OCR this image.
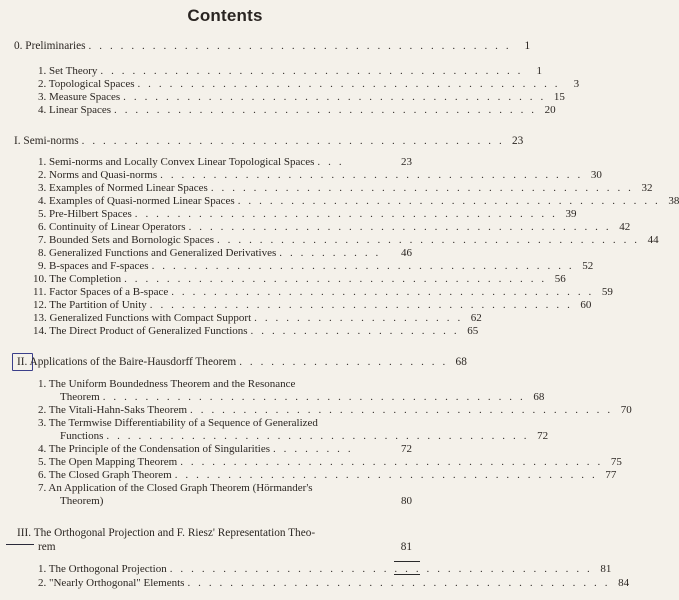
Contents
0. Preliminaries . . . . . . . . . . . . . . . . . . . . . . . . . . . . . . . . . . . . . . . .	1
1. Set Theory . . . . . . . . . . . . . . . . . . . . . . . . . . . . . . . . . . . . . . . .	1
2. Topological Spaces . . . . . . . . . . . . . . . . . . . . . . . . . . . . . . . . . . . . . . . .	3
3. Measure Spaces . . . . . . . . . . . . . . . . . . . . . . . . . . . . . . . . . . . . . . . . 15
4. Linear Spaces . . . . . . . . . . . . . . . . . . . . . . . . . . . . . . . . . . . . . . . . 20
I. Semi-norms . . . . . . . . . . . . . . . . . . . . . . . . . . . . . . . . . . . . . . . . 23
1. Semi-norms and Locally Convex Linear Topological Spaces . . .	23
2. Norms and Quasi-norms . . . . . . . . . . . . . . . . . . . . . . . . . . . . . . . . . . . . . . . . 30
3. Examples of Normed Linear Spaces . . . . . . . . . . . . . . . . . . . . . . . . . . . . . . . . . . . . . . . . 32
4. Examples of Quasi-normed Linear Spaces . . . . . . . . . . . . . . . . . . . . . . . . . . . . . . . . . . . . . . . . 38
5. Pre-Hilbert Spaces . . . . . . . . . . . . . . . . . . . . . . . . . . . . . . . . . . . . . . . . 39
6. Continuity of Linear Operators . . . . . . . . . . . . . . . . . . . . . . . . . . . . . . . . . . . . . . . . 42
7. Bounded Sets and Bornologic Spaces . . . . . . . . . . . . . . . . . . . . . . . . . . . . . . . . . . . . . . . . 44
8. Generalized Functions and Generalized Derivatives . . . . . . . . . .	46
9. B-spaces and F-spaces . . . . . . . . . . . . . . . . . . . . . . . . . . . . . . . . . . . . . . . . 52
10. The Completion . . . . . . . . . . . . . . . . . . . . . . . . . . . . . . . . . . . . . . . . 56
11. Factor Spaces of a B-space . . . . . . . . . . . . . . . . . . . . . . . . . . . . . . . . . . . . . . . . 59
12. The Partition of Unity . . . . . . . . . . . . . . . . . . . . . . . . . . . . . . . . . . . . . . . . 60
13. Generalized Functions with Compact Support . . . . . . . . . . . . . . . . . . . . 62
14. The Direct Product of Generalized Functions . . . . . . . . . . . . . . . . . . . . 65
II. Applications of the Baire-Hausdorff Theorem . . . . . . . . . . . . . . . . . . . . 68
1. The Uniform Boundedness Theorem and the Resonance
Theorem . . . . . . . . . . . . . . . . . . . . . . . . . . . . . . . . . . . . . . . . 68
2. The Vitali-Hahn-Saks Theorem . . . . . . . . . . . . . . . . . . . . . . . . . . . . . . . . . . . . . . . . 70
3. The Termwise Differentiability of a Sequence of Generalized
Functions . . . . . . . . . . . . . . . . . . . . . . . . . . . . . . . . . . . . . . . . 72
4. The Principle of the Condensation of Singularities . . . . . . . .	72
5. The Open Mapping Theorem . . . . . . . . . . . . . . . . . . . . . . . . . . . . . . . . . . . . . . . . 75
6. The Closed Graph Theorem . . . . . . . . . . . . . . . . . . . . . . . . . . . . . . . . . . . . . . . . 77
7. An Application of the Closed Graph Theorem (Hörmander's
Theorem)	80
III. The Orthogonal Projection and F. Riesz' Representation Theo-
rem	81
1. The Orthogonal Projection . . . . . . . . . . . . . . . . . . . . . . . . . . . . . . . . . . . . . . . . 81
2. "Nearly Orthogonal" Elements . . . . . . . . . . . . . . . . . . . . . . . . . . . . . . . . . . . . . . . . 84
